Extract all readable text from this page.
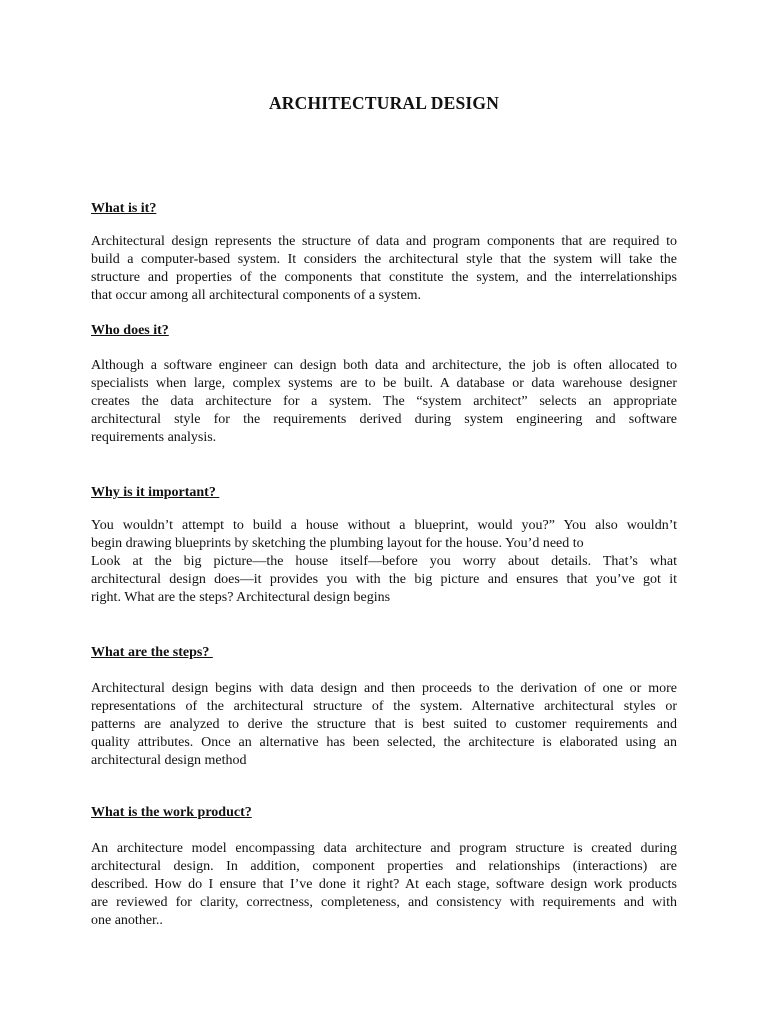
ARCHITECTURAL DESIGN
What is it?
Architectural design represents the structure of data and program components that are required to
build a computer-based system. It considers the architectural style that the system will take the
structure and properties of the components that constitute the system, and the interrelationships
that occur among all architectural components of a system.
Who does it?
Although a software engineer can design both data and architecture, the job is often allocated to
specialists when large, complex systems are to be built. A database or data warehouse designer
creates the data architecture for a system. The “system architect” selects an appropriate
architectural style for the requirements derived during system engineering and software
requirements analysis.
Why is it important?
You wouldn’t attempt to build a house without a blueprint, would you?” You also wouldn’t
begin drawing blueprints by sketching the plumbing layout for the house. You’d need to
Look at the big picture—the house itself—before you worry about details. That’s what
architectural design does—it provides you with the big picture and ensures that you’ve got it
right. What are the steps? Architectural design begins
What are the steps?
Architectural design begins with data design and then proceeds to the derivation of one or more
representations of the architectural structure of the system. Alternative architectural styles or
patterns are analyzed to derive the structure that is best suited to customer requirements and
quality attributes. Once an alternative has been selected, the architecture is elaborated using an
architectural design method
What is the work product?
An architecture model encompassing data architecture and program structure is created during
architectural design. In addition, component properties and relationships (interactions) are
described. How do I ensure that I’ve done it right? At each stage, software design work products
are reviewed for clarity, correctness, completeness, and consistency with requirements and with
one another..
